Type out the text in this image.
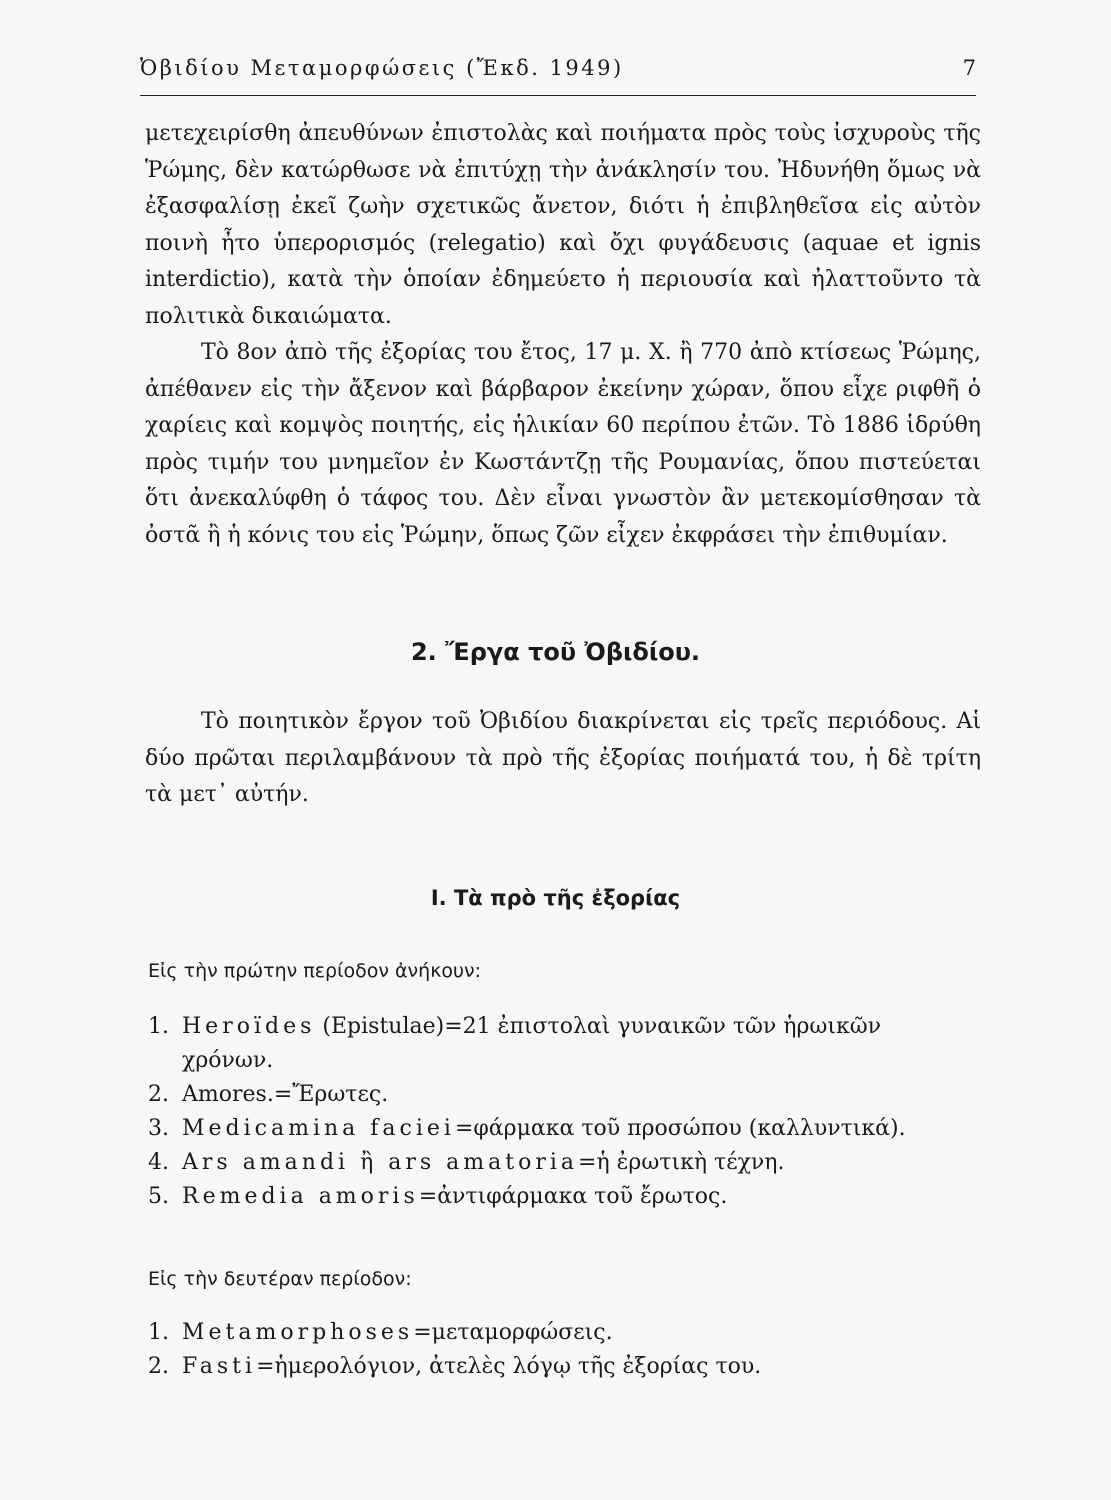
Ὀβιδίου Μεταμορφώσεις (Ἔκδ. 1949)	7

μετεχειρίσθη ἀπευθύνων ἐπιστολὰς καὶ ποιήματα πρὸς τοὺς ἰσχυροὺς τῆς Ῥώμης, δὲν κατώρθωσε νὰ ἐπιτύχῃ τὴν ἀνάκλησίν του. Ἠδυνήθη ὅμως νὰ ἐξασφαλίσῃ ἐκεῖ ζωὴν σχετικῶς ἄνετον, διότι ἡ ἐπιβληθεῖσα εἰς αὐτὸν ποινὴ ἦτο ὑπερορισμός (relegatio) καὶ ὄχι φυγάδευσις (aquae et ignis interdictio), κατὰ τὴν ὁποίαν ἐδημεύετο ἡ περιουσία καὶ ἠλαττοῦντο τὰ πολιτικὰ δικαιώματα.

Τὸ 8ον ἀπὸ τῆς ἐξορίας του ἔτος, 17 μ. Χ. ἢ 770 ἀπὸ κτίσεως Ῥώμης, ἀπέθανεν εἰς τὴν ἄξενον καὶ βάρβαρον ἐκείνην χώραν, ὅπου εἶχε ριφθῆ ὁ χαρίεις καὶ κομψὸς ποιητής, εἰς ἡλικίαν 60 περίπου ἐτῶν. Τὸ 1886 ἱδρύθη πρὸς τιμήν του μνημεῖον ἐν Κωστάντζῃ τῆς Ρουμανίας, ὅπου πιστεύεται ὅτι ἀνεκαλύφθη ὁ τάφος του. Δὲν εἶναι γνωστὸν ἂν μετεκομίσθησαν τὰ ὀστᾶ ἢ ἡ κόνις του εἰς Ῥώμην, ὅπως ζῶν εἶχεν ἐκφράσει τὴν ἐπιθυμίαν.

2. Ἔργα τοῦ Ὀβιδίου.

Τὸ ποιητικὸν ἔργον τοῦ Ὀβιδίου διακρίνεται εἰς τρεῖς περιόδους. Αἱ δύο πρῶται περιλαμβάνουν τὰ πρὸ τῆς ἐξορίας ποιήματά του, ἡ δὲ τρίτη τὰ μετ᾽ αὐτήν.

I. Τὰ πρὸ τῆς ἐξορίας

Εἰς τὴν πρώτην περίοδον ἀνήκουν:

1. Heroïdes (Epistulae)=21 ἐπιστολαὶ γυναικῶν τῶν ἡρωικῶν
χρόνων.
2. Amores.=Ἔρωτες.
3. Medicamina faciei=φάρμακα τοῦ προσώπου (καλλυντικά).
4. Ars amandi ἢ ars amatoria=ἡ ἐρωτικὴ τέχνη.
5. Remedia amoris=ἀντιφάρμακα τοῦ ἔρωτος.

Εἰς τὴν δευτέραν περίοδον:

1. Metamorphoses=μεταμορφώσεις.
2. Fasti=ἡμερολόγιον, ἀτελὲς λόγῳ τῆς ἐξορίας του.
